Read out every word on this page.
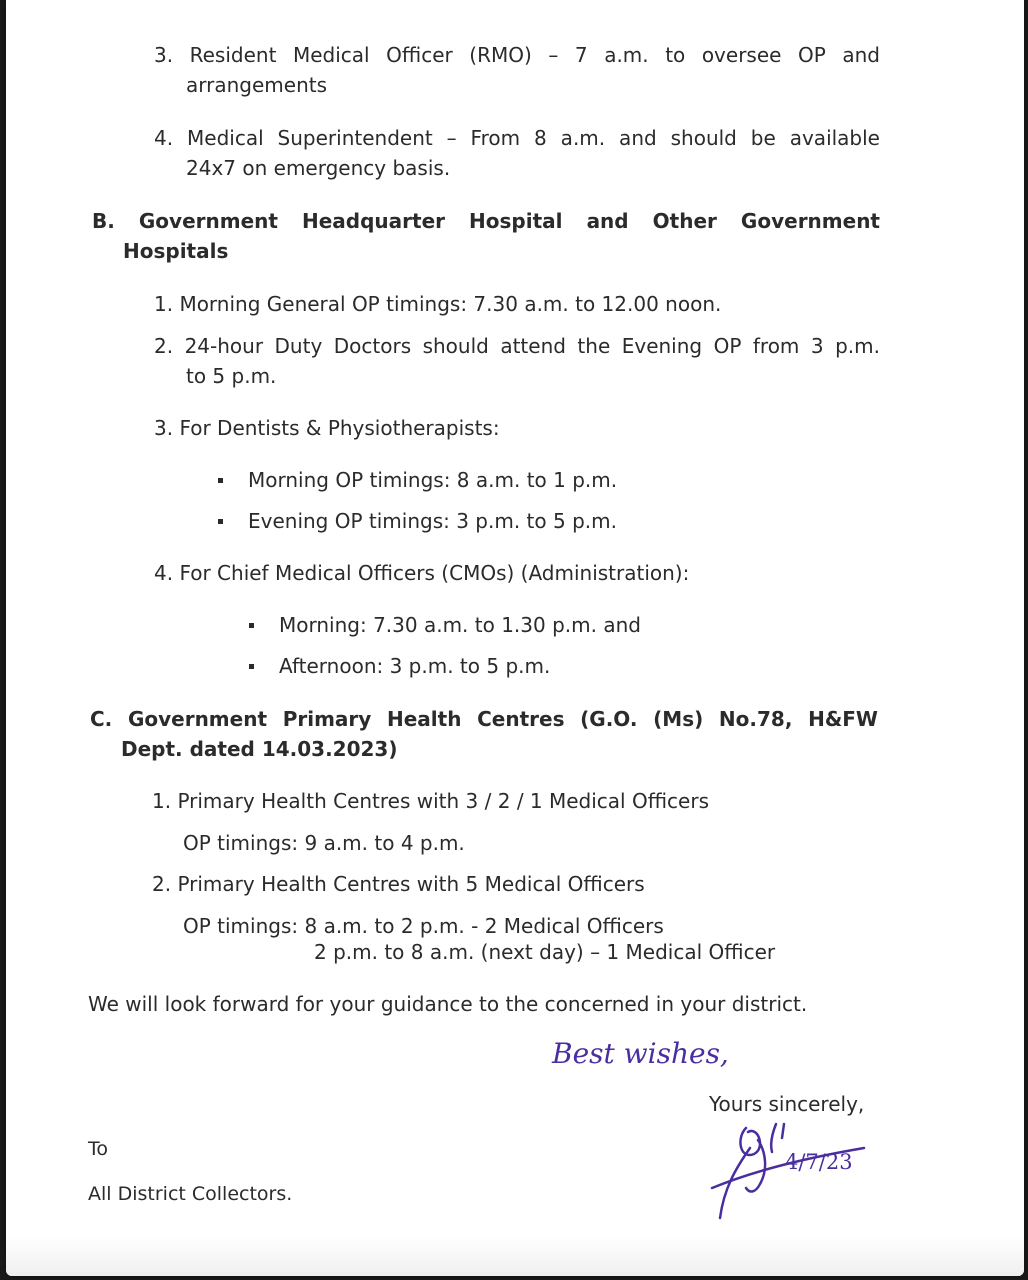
3. Resident Medical Officer (RMO) – 7 a.m. to oversee OP and
arrangements
4. Medical Superintendent – From 8 a.m. and should be available
24x7 on emergency basis.
B. Government Headquarter Hospital and Other Government
Hospitals
1. Morning General OP timings: 7.30 a.m. to 12.00 noon.
2. 24-hour Duty Doctors should attend the Evening OP from 3 p.m.
to 5 p.m.
3. For Dentists & Physiotherapists:
Morning OP timings: 8 a.m. to 1 p.m.
Evening OP timings: 3 p.m. to 5 p.m.
4. For Chief Medical Officers (CMOs) (Administration):
Morning: 7.30 a.m. to 1.30 p.m. and
Afternoon: 3 p.m. to 5 p.m.
C. Government Primary Health Centres (G.O. (Ms) No.78, H&FW
Dept. dated 14.03.2023)
1. Primary Health Centres with 3 / 2 / 1 Medical Officers
OP timings: 9 a.m. to 4 p.m.
2. Primary Health Centres with 5 Medical Officers
OP timings: 8 a.m. to 2 p.m. - 2 Medical Officers
2 p.m. to 8 a.m. (next day) – 1 Medical Officer
We will look forward for your guidance to the concerned in your district.
Best wishes,
Yours sincerely,
To
All District Collectors.
4/7/23
